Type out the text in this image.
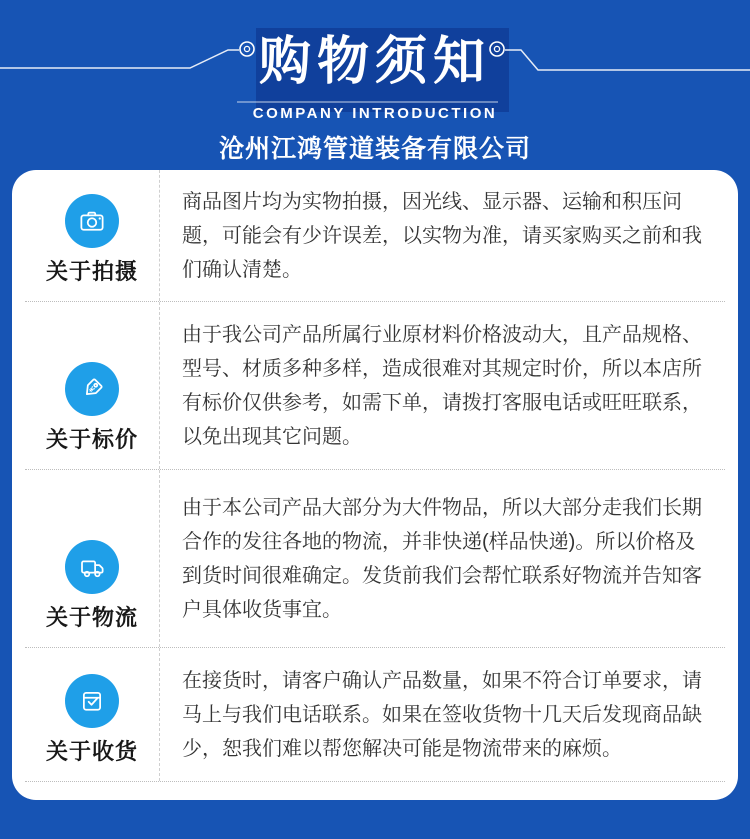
购物须知
COMPANY INTRODUCTION
沧州江鸿管道装备有限公司
关于拍摄

商品图片均为实物拍摄，因光线、显示器、运输和积压问题，可能会有少许误差，以实物为准，请买家购买之前和我们确认清楚。

¥
关于标价

由于我公司产品所属行业原材料价格波动大，且产品规格、型号、材质多种多样，造成很难对其规定时价，所以本店所有标价仅供参考，如需下单，请拨打客服电话或旺旺联系，以免出现其它问题。

关于物流

由于本公司产品大部分为大件物品，所以大部分走我们长期合作的发往各地的物流，并非快递(样品快递)。所以价格及到货时间很难确定。发货前我们会帮忙联系好物流并告知客户具体收货事宜。

关于收货

在接货时，请客户确认产品数量，如果不符合订单要求，请马上与我们电话联系。如果在签收货物十几天后发现商品缺少，恕我们难以帮您解决可能是物流带来的麻烦。
